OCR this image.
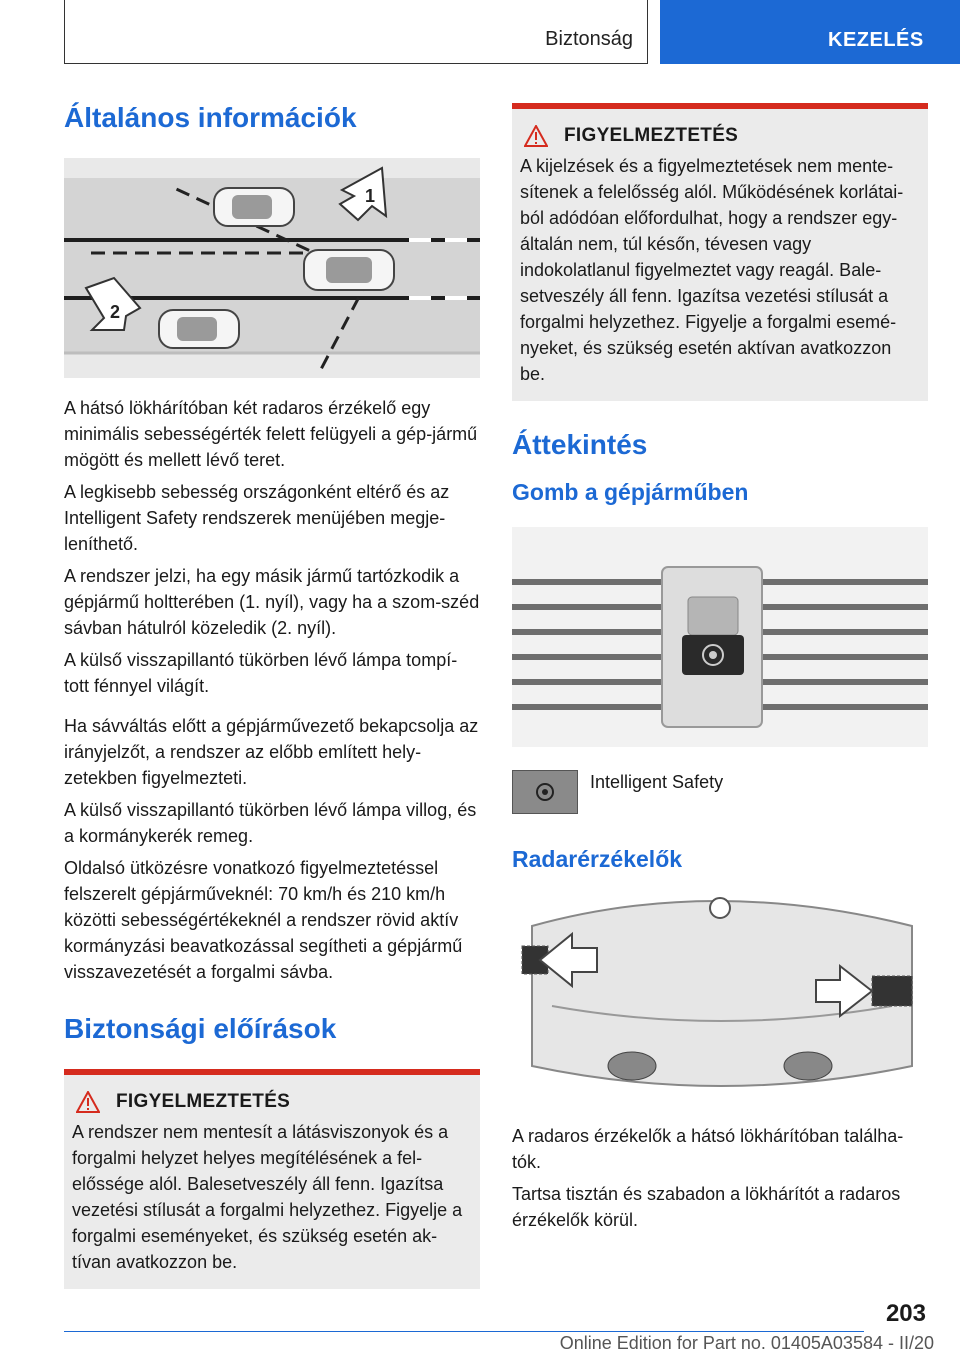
Biztonság	KEZELÉS
Általános információk
1
2

A hátsó lökhárítóban két radaros érzékelő egy minimális sebességérték felett felügyeli a gép-jármű mögött és mellett lévő teret.

A legkisebb sebesség országonként eltérő és az Intelligent Safety rendszerek menüjében megje-leníthető.

A rendszer jelzi, ha egy másik jármű tartózkodik a gépjármű holtterében (1. nyíl), vagy ha a szom-széd sávban hátulról közeledik (2. nyíl).

A külső visszapillantó tükörben lévő lámpa tompí-tott fénnyel világít.

Ha sávváltás előtt a gépjárművezető bekapcsolja az irányjelzőt, a rendszer az előbb említett hely-zetekben figyelmezteti.

A külső visszapillantó tükörben lévő lámpa villog, és a kormánykerék remeg.

Oldalsó ütközésre vonatkozó figyelmeztetéssel felszerelt gépjárműveknél: 70 km/h és 210 km/h közötti sebességértékeknél a rendszer rövid aktív kormányzási beavatkozással segítheti a gépjármű visszavezetését a forgalmi sávba.

Biztonsági előírások
FIGYELMEZTETÉS

A rendszer nem mentesít a látásviszonyok és a forgalmi helyzet helyes megítélésének a fel-elősségе alól. Balesetveszély áll fenn. Igazítsa vezetési stílusát a forgalmi helyzethez. Figyelje a forgalmi eseményeket, és szükség esetén ak-tívan avatkozzon be.

FIGYELMEZTETÉS

A kijelzések és a figyelmeztetések nem mente-sítenek a felelősség alól. Működésének korlátai-ból adódóan előfordulhat, hogy a rendszer egy-általán nem, túl későn, tévesen vagy indokolatlanul figyelmeztet vagy reagál. Bale-setveszély áll fenn. Igazítsa vezetési stílusát a forgalmi helyzethez. Figyelje a forgalmi esemé-nyeket, és szükség esetén aktívan avatkozzon be.

Áttekintés
Gomb a gépjárműben
Intelligent Safety
Radarérzékelők

A radaros érzékelők a hátsó lökhárítóban találha-tók.

Tartsa tisztán és szabadon a lökhárítót a radaros érzékelők körül.

203
Online Edition for Part no. 01405A03584 - II/20
